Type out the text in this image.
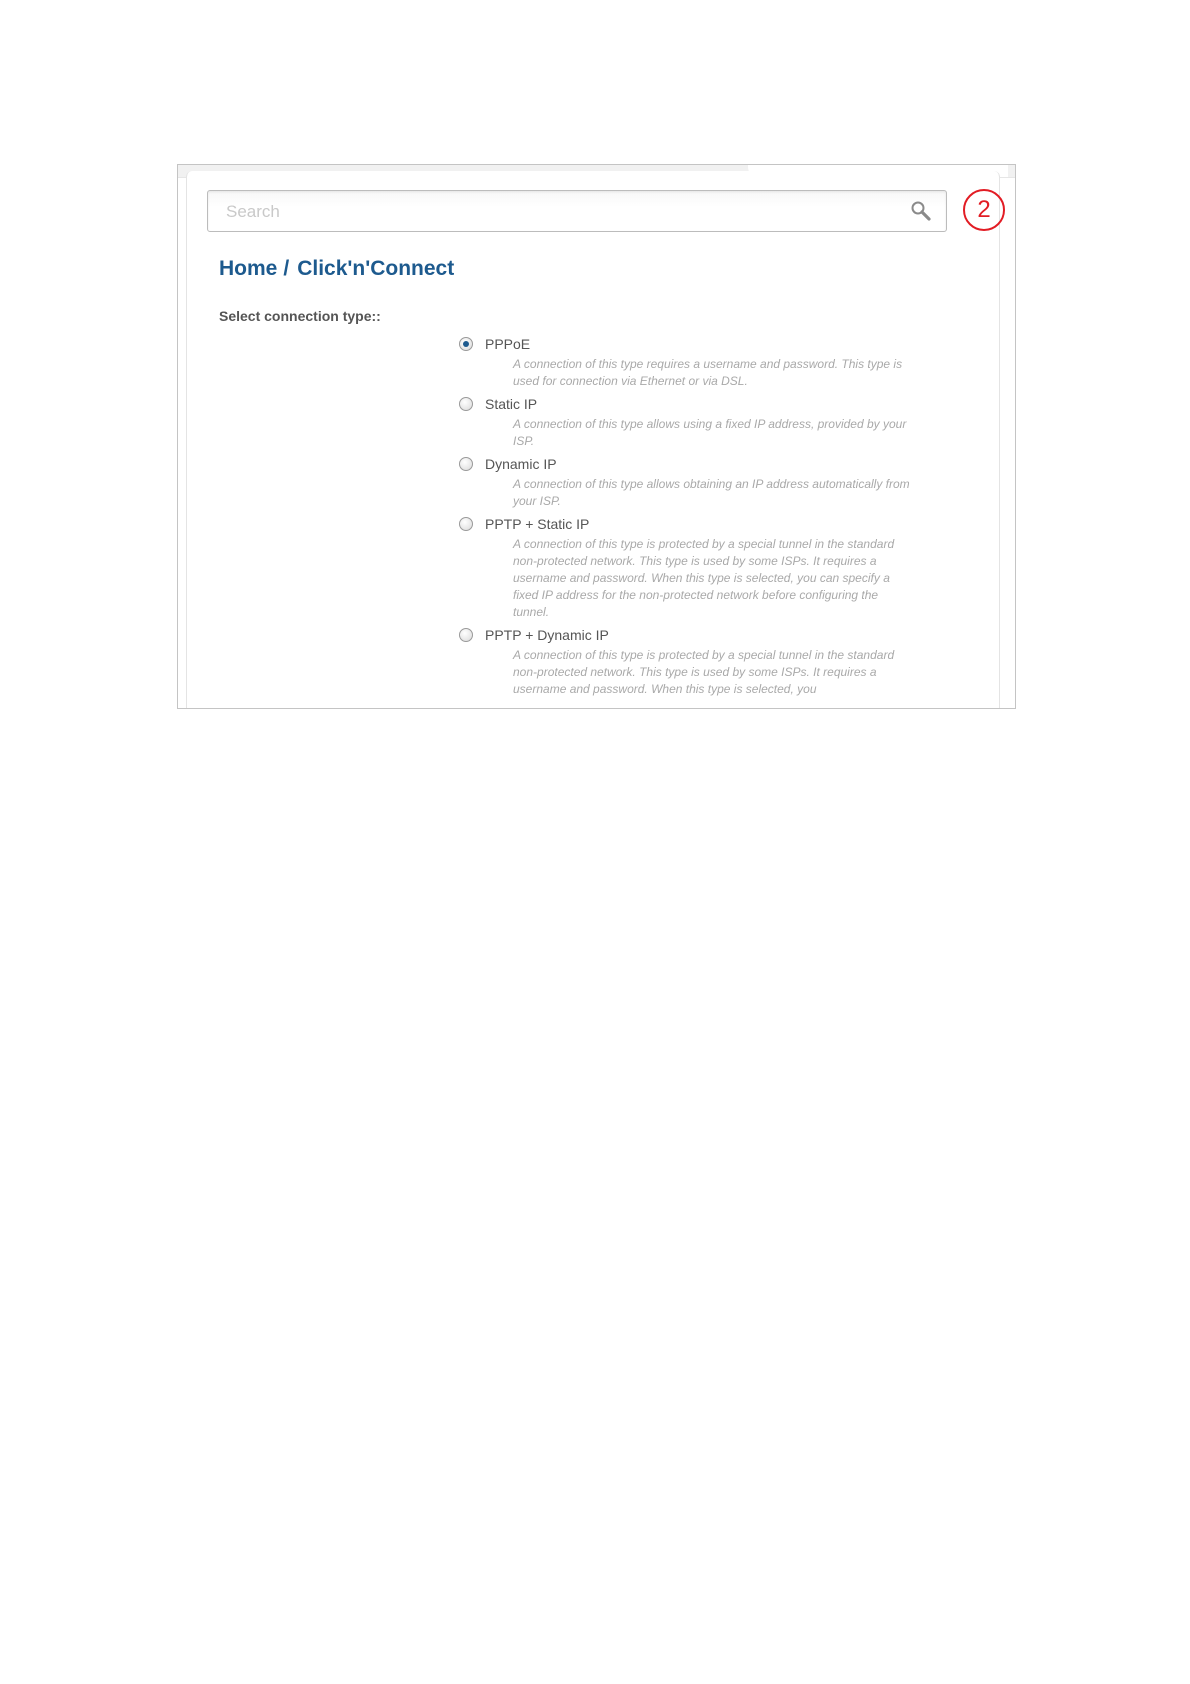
Search
2
Home / Click'n'Connect
Select connection type::
PPPoE
A connection of this type requires a username and password. This type is used for connection via Ethernet or via DSL.
Static IP
A connection of this type allows using a fixed IP address, provided by your ISP.
Dynamic IP
A connection of this type allows obtaining an IP address automatically from your ISP.
PPTP + Static IP
A connection of this type is protected by a special tunnel in the standard non-protected network. This type is used by some ISPs. It requires a username and password. When this type is selected, you can specify a fixed IP address for the non-protected network before configuring the tunnel.
PPTP + Dynamic IP
A connection of this type is protected by a special tunnel in the standard non-protected network. This type is used by some ISPs. It requires a username and password. When this type is selected, you
